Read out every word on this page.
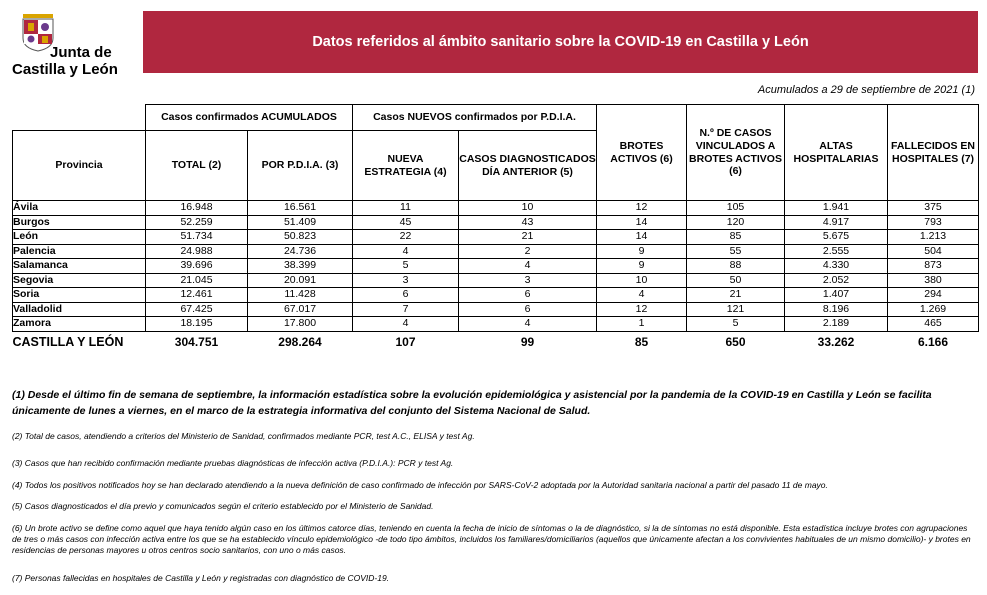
Junta de
Castilla y León
Datos referidos al ámbito sanitario sobre la COVID-19 en Castilla y León
Acumulados a 29 de septiembre de 2021 (1)
	Casos confirmados ACUMULADOS		Casos NUEVOS confirmados por P.D.I.A.		BROTES ACTIVOS (6)	N.º DE CASOS VINCULADOS A BROTES ACTIVOS (6)	ALTAS HOSPITALARIAS	FALLECIDOS EN HOSPITALES (7)
Provincia	TOTAL (2)	POR P.D.I.A. (3)	NUEVA ESTRATEGIA (4)	CASOS DIAGNOSTICADOS DÍA ANTERIOR (5)				
Ávila	16.948	16.561	11	10	12	105	1.941	375
Burgos	52.259	51.409	45	43	14	120	4.917	793
León	51.734	50.823	22	21	14	85	5.675	1.213
Palencia	24.988	24.736	4	2	9	55	2.555	504
Salamanca	39.696	38.399	5	4	9	88	4.330	873
Segovia	21.045	20.091	3	3	10	50	2.052	380
Soria	12.461	11.428	6	6	4	21	1.407	294
Valladolid	67.425	67.017	7	6	12	121	8.196	1.269
Zamora	18.195	17.800	4	4	1	5	2.189	465
CASTILLA Y LEÓN	304.751	298.264	107	99	85	650	33.262	6.166
(1) Desde el último fin de semana de septiembre, la información estadística sobre la evolución epidemiológica y asistencial por la pandemia de la COVID-19 en Castilla y León se facilita únicamente de lunes a viernes, en el marco de la estrategia informativa del conjunto del Sistema Nacional de Salud.
(2) Total de casos, atendiendo a criterios del Ministerio de Sanidad, confirmados mediante PCR, test A.C., ELISA y test Ag.
(3) Casos que han recibido confirmación mediante pruebas diagnósticas de infección activa (P.D.I.A.): PCR y test Ag.
(4) Todos los positivos notificados hoy se han declarado atendiendo a la nueva definición de caso confirmado de infección por SARS-CoV-2 adoptada por la Autoridad sanitaria nacional a partir del pasado 11 de mayo.
(5) Casos diagnosticados el día previo y comunicados según el criterio establecido por el Ministerio de Sanidad.
(6) Un brote activo se define como aquel que haya tenido algún caso en los últimos catorce días, teniendo en cuenta la fecha de inicio de síntomas o la de diagnóstico, si la de síntomas no está disponible. Esta estadística incluye brotes con agrupaciones de tres o más casos con infección activa entre los que se ha establecido vínculo epidemiológico -de todo tipo ámbitos, incluidos los familiares/domiciliarios (aquellos que únicamente afectan a los convivientes habituales de un mismo domicilio)- y brotes en residencias de personas mayores u otros centros socio sanitarios, con uno o más casos.
(7) Personas fallecidas en hospitales de Castilla y León y registradas con diagnóstico de COVID-19.
